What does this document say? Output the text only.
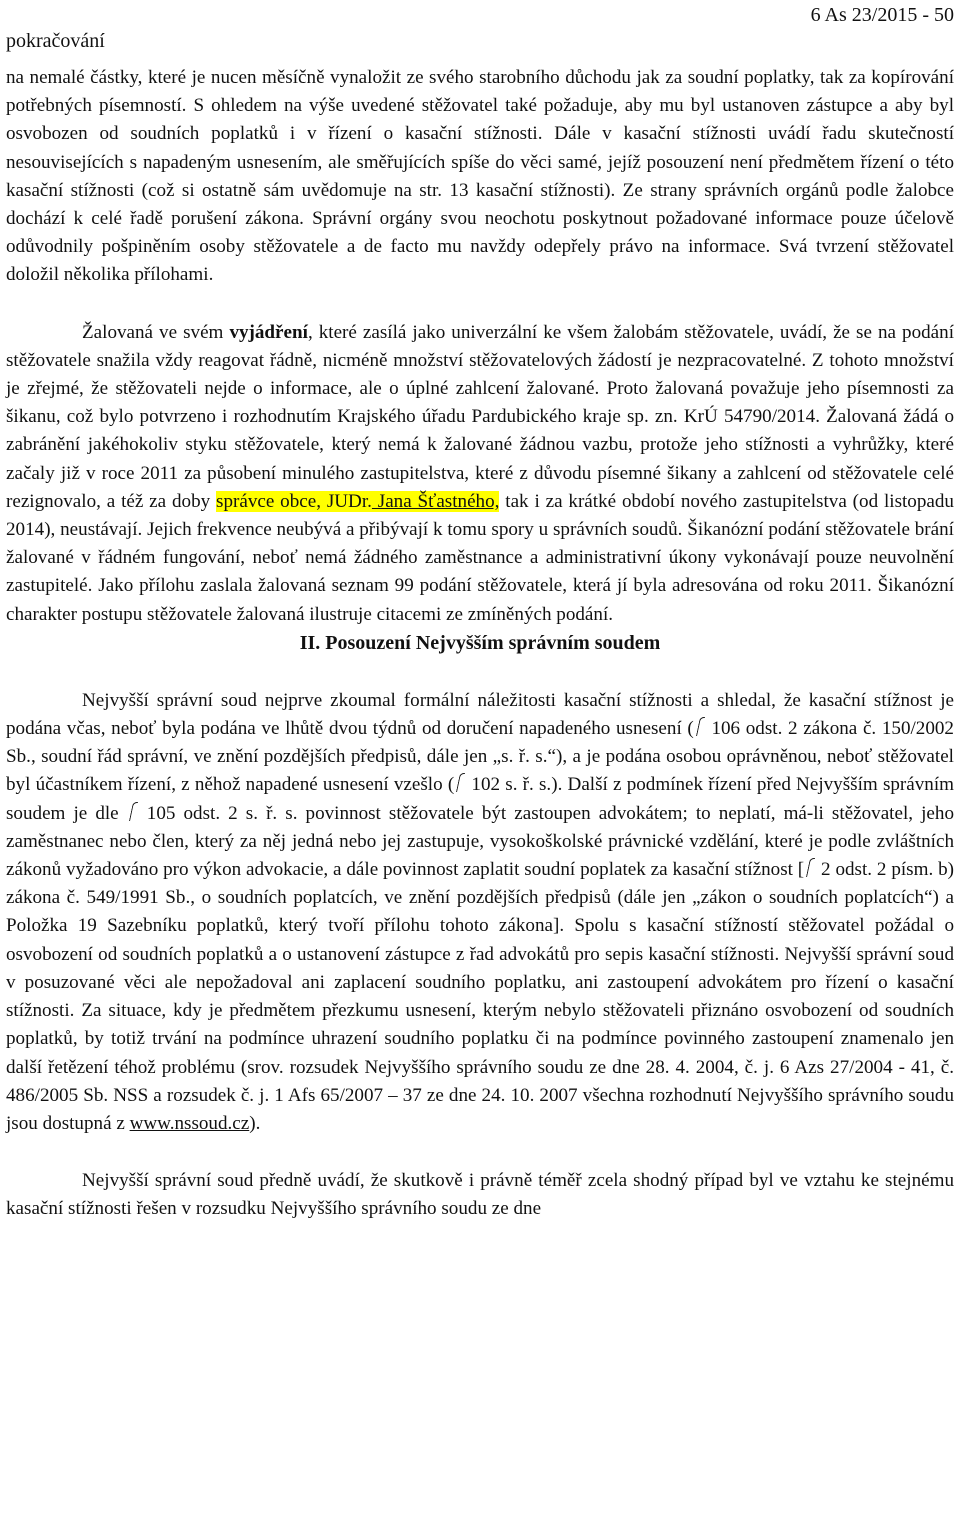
pokračování
6 As 23/2015 - 50

na nemalé částky, které je nucen měsíčně vynaložit ze svého starobního důchodu jak za soudní poplatky, tak za kopírování potřebných písemností. S ohledem na výše uvedené stěžovatel také požaduje, aby mu byl ustanoven zástupce a aby byl osvobozen od soudních poplatků i v řízení o kasační stížnosti. Dále v kasační stížnosti uvádí řadu skutečností nesouvisejících s napadeným usnesením, ale směřujících spíše do věci samé, jejíž posouzení není předmětem řízení o této kasační stížnosti (což si ostatně sám uvědomuje na str. 13 kasační stížnosti). Ze strany správních orgánů podle žalobce dochází k celé řadě porušení zákona. Správní orgány svou neochotu poskytnout požadované informace pouze účelově odůvodnily pošpiněním osoby stěžovatele a de facto mu navždy odepřely právo na informace. Svá tvrzení stěžovatel doložil několika přílohami.

Žalovaná ve svém vyjádření, které zasílá jako univerzální ke všem žalobám stěžovatele, uvádí, že se na podání stěžovatele snažila vždy reagovat řádně, nicméně množství stěžovatelových žádostí je nezpracovatelné. Z tohoto množství je zřejmé, že stěžovateli nejde o informace, ale o úplné zahlcení žalované. Proto žalovaná považuje jeho písemnosti za šikanu, což bylo potvrzeno i rozhodnutím Krajského úřadu Pardubického kraje sp. zn. KrÚ 54790/2014. Žalovaná žádá o zabránění jakéhokoliv styku stěžovatele, který nemá k žalované žádnou vazbu, protože jeho stížnosti a vyhrůžky, které začaly již v roce 2011 za působení minulého zastupitelstva, které z důvodu písemné šikany a zahlcení od stěžovatele celé rezignovalo, a též za doby správce obce, JUDr. Jana Šťastného, tak i za krátké období nového zastupitelstva (od listopadu 2014), neustávají. Jejich frekvence neubývá a přibývají k tomu spory u správních soudů. Šikanózní podání stěžovatele brání žalované v řádném fungování, neboť nemá žádného zaměstnance a administrativní úkony vykonávají pouze neuvolnění zastupitelé. Jako přílohu zaslala žalovaná seznam 99 podání stěžovatele, která jí byla adresována od roku 2011. Šikanózní charakter postupu stěžovatele žalovaná ilustruje citacemi ze zmíněných podání.

II. Posouzení Nejvyšším správním soudem

Nejvyšší správní soud nejprve zkoumal formální náležitosti kasační stížnosti a shledal, že kasační stížnost je podána včas, neboť byla podána ve lhůtě dvou týdnů od doručení napadeného usnesení ( 106 odst. 2 zákona č. 150/2002 Sb., soudní řád správní, ve znění pozdějších předpisů, dále jen „s. ř. s.“), a je podána osobou oprávněnou, neboť stěžovatel byl účastníkem řízení, z něhož napadené usnesení vzešlo ( 102 s. ř. s.). Další z podmínek řízení před Nejvyšším správním soudem je dle  105 odst. 2 s. ř. s. povinnost stěžovatele být zastoupen advokátem; to neplatí, má-li stěžovatel, jeho zaměstnanec nebo člen, který za něj jedná nebo jej zastupuje, vysokoškolské právnické vzdělání, které je podle zvláštních zákonů vyžadováno pro výkon advokacie, a dále povinnost zaplatit soudní poplatek za kasační stížnost [ 2 odst. 2 písm. b) zákona č. 549/1991 Sb., o soudních poplatcích, ve znění pozdějších předpisů (dále jen „zákon o soudních poplatcích“) a Položka 19 Sazebníku poplatků, který tvoří přílohu tohoto zákona]. Spolu s kasační stížností stěžovatel požádal o osvobození od soudních poplatků a o ustanovení zástupce z řad advokátů pro sepis kasační stížnosti. Nejvyšší správní soud v posuzované věci ale nepožadoval ani zaplacení soudního poplatku, ani zastoupení advokátem pro řízení o kasační stížnosti. Za situace, kdy je předmětem přezkumu usnesení, kterým nebylo stěžovateli přiznáno osvobození od soudních poplatků, by totiž trvání na podmínce uhrazení soudního poplatku či na podmínce povinného zastoupení znamenalo jen další řetězení téhož problému (srov. rozsudek Nejvyššího správního soudu ze dne 28. 4. 2004, č. j. 6 Azs 27/2004 - 41, č. 486/2005 Sb. NSS a rozsudek č. j. 1 Afs 65/2007 – 37 ze dne 24. 10. 2007 všechna rozhodnutí Nejvyššího správního soudu jsou dostupná z www.nssoud.cz).

Nejvyšší správní soud předně uvádí, že skutkově i právně téměř zcela shodný případ byl ve vztahu ke stejnému kasační stížnosti řešen v rozsudku Nejvyššího správního soudu ze dne
